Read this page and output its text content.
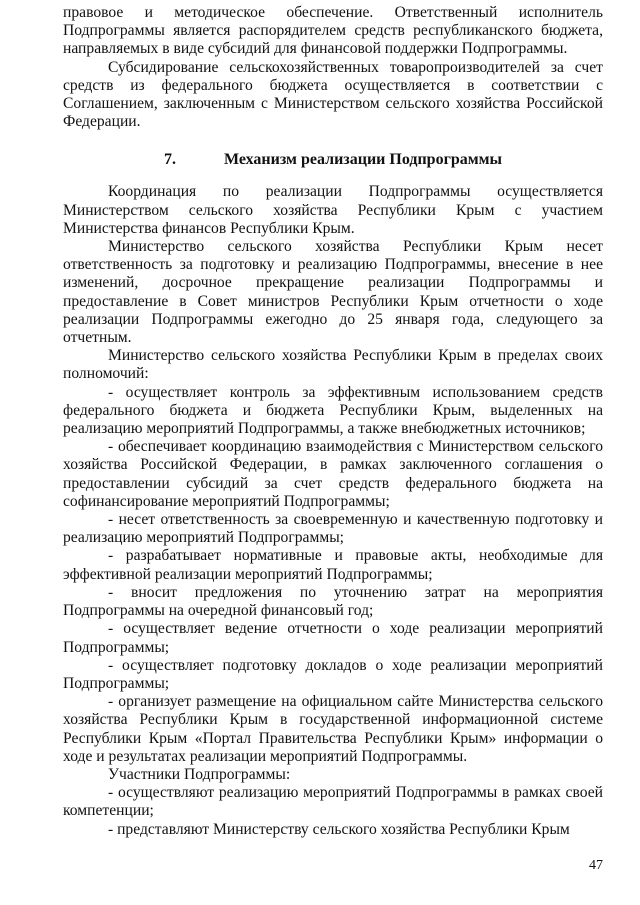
правовое и методическое обеспечение. Ответственный исполнитель Подпрограммы является распорядителем средств республиканского бюджета, направляемых в виде субсидий для финансовой поддержки Подпрограммы.

Субсидирование сельскохозяйственных товаропроизводителей за счет средств из федерального бюджета осуществляется в соответствии с Соглашением, заключенным с Министерством сельского хозяйства Российской Федерации.

7.	Механизм реализации Подпрограммы

Координация по реализации Подпрограммы осуществляется Министерством сельского хозяйства Республики Крым с участием Министерства финансов Республики Крым.

Министерство сельского хозяйства Республики Крым несет ответственность за подготовку и реализацию Подпрограммы, внесение в нее изменений, досрочное прекращение реализации Подпрограммы и предоставление в Совет министров Республики Крым отчетности о ходе реализации Подпрограммы ежегодно до 25 января года, следующего за отчетным.

Министерство сельского хозяйства Республики Крым в пределах своих полномочий:

- осуществляет контроль за эффективным использованием средств федерального бюджета и бюджета Республики Крым, выделенных на реализацию мероприятий Подпрограммы, а также внебюджетных источников;

- обеспечивает координацию взаимодействия с Министерством сельского хозяйства Российской Федерации, в рамках заключенного соглашения о предоставлении субсидий за счет средств федерального бюджета на софинансирование мероприятий Подпрограммы;

- несет ответственность за своевременную и качественную подготовку и реализацию мероприятий Подпрограммы;

- разрабатывает нормативные и правовые акты, необходимые для эффективной реализации мероприятий Подпрограммы;

- вносит предложения по уточнению затрат на мероприятия Подпрограммы на очередной финансовый год;

- осуществляет ведение отчетности о ходе реализации мероприятий Подпрограммы;

- осуществляет подготовку докладов о ходе реализации мероприятий Подпрограммы;

- организует размещение на официальном сайте Министерства сельского хозяйства Республики Крым в государственной информационной системе Республики Крым «Портал Правительства Республики Крым» информации о ходе и результатах реализации мероприятий Подпрограммы.

Участники Подпрограммы:

- осуществляют реализацию мероприятий Подпрограммы в рамках своей компетенции;

- представляют Министерству сельского хозяйства Республики Крым

47
